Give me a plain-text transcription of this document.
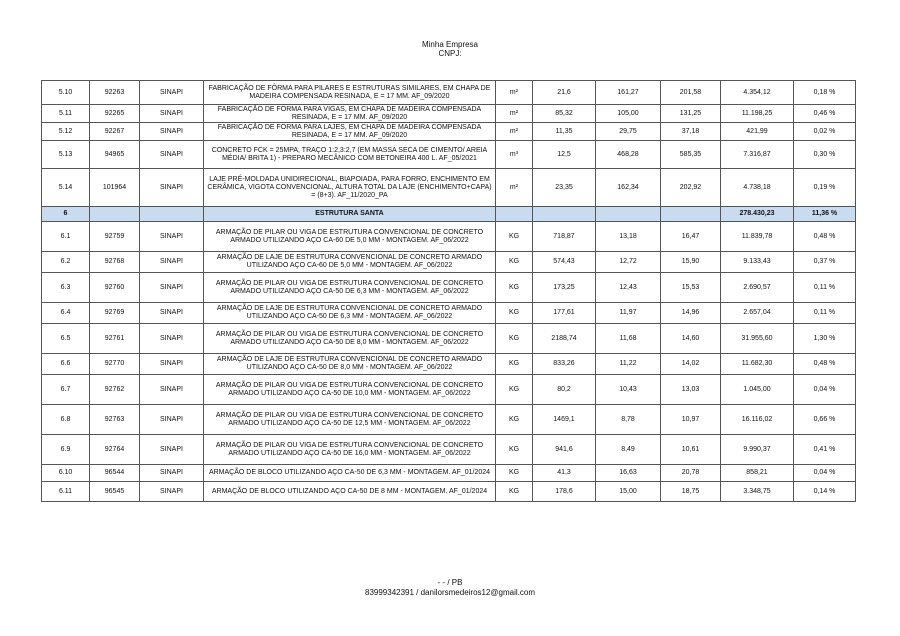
Minha Empresa
CNPJ:
5.10	92263	SINAPI	FABRICAÇÃO DE FÔRMA PARA PILARES E ESTRUTURAS SIMILARES, EM CHAPA DE MADEIRA COMPENSADA RESINADA, E = 17 MM. AF_09/2020	m²	21,6	161,27	201,58	4.354,12	0,18 %
5.11	92265	SINAPI	FABRICAÇÃO DE FÔRMA PARA VIGAS, EM CHAPA DE MADEIRA COMPENSADA RESINADA, E = 17 MM. AF_09/2020	m²	85,32	105,00	131,25	11.198,25	0,46 %
5.12	92267	SINAPI	FABRICAÇÃO DE FÔRMA PARA LAJES, EM CHAPA DE MADEIRA COMPENSADA RESINADA, E = 17 MM. AF_09/2020	m²	11,35	29,75	37,18	421,99	0,02 %
5.13	94965	SINAPI	CONCRETO FCK = 25MPA, TRAÇO 1:2,3:2,7 (EM MASSA SECA DE CIMENTO/ AREIA MÉDIA/ BRITA 1) - PREPARO MECÂNICO COM BETONEIRA 400 L. AF_05/2021	m³	12,5	468,28	585,35	7.316,87	0,30 %
5.14	101964	SINAPI	LAJE PRÉ-MOLDADA UNIDIRECIONAL, BIAPOIADA, PARA FORRO, ENCHIMENTO EM CERÂMICA, VIGOTA CONVENCIONAL, ALTURA TOTAL DA LAJE (ENCHIMENTO+CAPA) = (8+3). AF_11/2020_PA	m²	23,35	162,34	202,92	4.738,18	0,19 %
6			ESTRUTURA SANTA					278.430,23	11,36 %
6.1	92759	SINAPI	ARMAÇÃO DE PILAR OU VIGA DE ESTRUTURA CONVENCIONAL DE CONCRETO ARMADO UTILIZANDO AÇO CA-60 DE 5,0 MM - MONTAGEM. AF_06/2022	KG	718,87	13,18	16,47	11.839,78	0,48 %
6.2	92768	SINAPI	ARMAÇÃO DE LAJE DE ESTRUTURA CONVENCIONAL DE CONCRETO ARMADO UTILIZANDO AÇO CA-60 DE 5,0 MM - MONTAGEM. AF_06/2022	KG	574,43	12,72	15,90	9.133,43	0,37 %
6.3	92760	SINAPI	ARMAÇÃO DE PILAR OU VIGA DE ESTRUTURA CONVENCIONAL DE CONCRETO ARMADO UTILIZANDO AÇO CA-50 DE 6,3 MM - MONTAGEM. AF_06/2022	KG	173,25	12,43	15,53	2.690,57	0,11 %
6.4	92769	SINAPI	ARMAÇÃO DE LAJE DE ESTRUTURA CONVENCIONAL DE CONCRETO ARMADO UTILIZANDO AÇO CA-50 DE 6,3 MM - MONTAGEM. AF_06/2022	KG	177,61	11,97	14,96	2.657,04	0,11 %
6.5	92761	SINAPI	ARMAÇÃO DE PILAR OU VIGA DE ESTRUTURA CONVENCIONAL DE CONCRETO ARMADO UTILIZANDO AÇO CA-50 DE 8,0 MM - MONTAGEM. AF_06/2022	KG	2188,74	11,68	14,60	31.955,60	1,30 %
6.6	92770	SINAPI	ARMAÇÃO DE LAJE DE ESTRUTURA CONVENCIONAL DE CONCRETO ARMADO UTILIZANDO AÇO CA-50 DE 8,0 MM - MONTAGEM. AF_06/2022	KG	833,26	11,22	14,02	11.682,30	0,48 %
6.7	92762	SINAPI	ARMAÇÃO DE PILAR OU VIGA DE ESTRUTURA CONVENCIONAL DE CONCRETO ARMADO UTILIZANDO AÇO CA-50 DE 10,0 MM - MONTAGEM. AF_06/2022	KG	80,2	10,43	13,03	1.045,00	0,04 %
6.8	92763	SINAPI	ARMAÇÃO DE PILAR OU VIGA DE ESTRUTURA CONVENCIONAL DE CONCRETO ARMADO UTILIZANDO AÇO CA-50 DE 12,5 MM - MONTAGEM. AF_06/2022	KG	1469,1	8,78	10,97	16.116,02	0,66 %
6.9	92764	SINAPI	ARMAÇÃO DE PILAR OU VIGA DE ESTRUTURA CONVENCIONAL DE CONCRETO ARMADO UTILIZANDO AÇO CA-50 DE 16,0 MM - MONTAGEM. AF_06/2022	KG	941,6	8,49	10,61	9.990,37	0,41 %
6.10	96544	SINAPI	ARMAÇÃO DE BLOCO UTILIZANDO AÇO CA-50 DE 6,3 MM - MONTAGEM. AF_01/2024	KG	41,3	16,63	20,78	858,21	0,04 %
6.11	96545	SINAPI	ARMAÇÃO DE BLOCO UTILIZANDO AÇO CA-50 DE 8 MM - MONTAGEM. AF_01/2024	KG	178,6	15,00	18,75	3.348,75	0,14 %
- - / PB
83999342391 / danilorsmedeiros12@gmail.com
